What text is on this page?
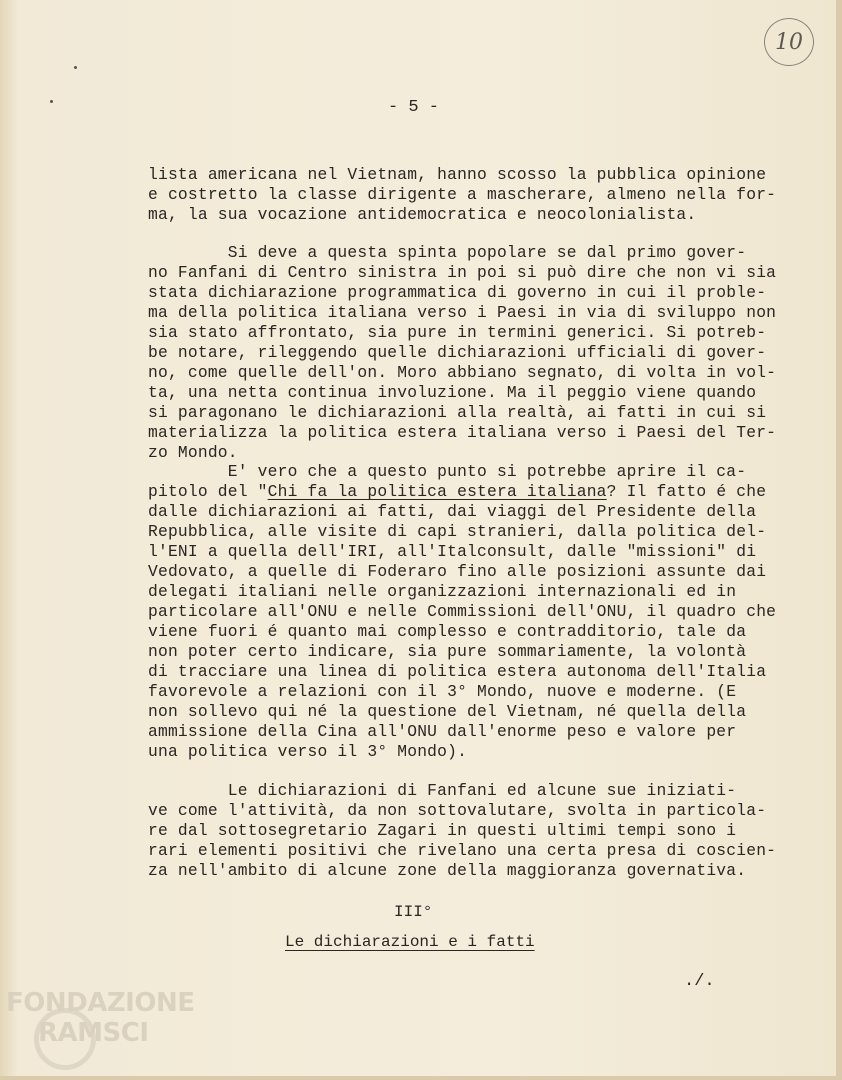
10
- 5 -
lista americana nel Vietnam, hanno scosso la pubblica opinione
e costretto la classe dirigente a mascherare, almeno nella for-
ma, la sua vocazione antidemocratica e neocolonialista.
Si deve a questa spinta popolare se dal primo gover-
no Fanfani di Centro sinistra in poi si può dire che non vi sia
stata dichiarazione programmatica di governo in cui il proble-
ma della politica italiana verso i Paesi in via di sviluppo non
sia stato affrontato, sia pure in termini generici. Si potreb-
be notare, rileggendo quelle dichiarazioni ufficiali di gover-
no, come quelle dell'on. Moro abbiano segnato, di volta in vol-
ta, una netta continua involuzione. Ma il peggio viene quando
si paragonano le dichiarazioni alla realtà, ai fatti in cui si
materializza la politica estera italiana verso i Paesi del Ter-
zo Mondo.
E' vero che a questo punto si potrebbe aprire il ca-
pitolo del "Chi fa la politica estera italiana? Il fatto é che
dalle dichiarazioni ai fatti, dai viaggi del Presidente della
Repubblica, alle visite di capi stranieri, dalla politica del-
l'ENI a quella dell'IRI, all'Italconsult, dalle "missioni" di
Vedovato, a quelle di Foderaro fino alle posizioni assunte dai
delegati italiani nelle organizzazioni internazionali ed in
particolare all'ONU e nelle Commissioni dell'ONU, il quadro che
viene fuori é quanto mai complesso e contradditorio, tale da
non poter certo indicare, sia pure sommariamente, la volontà
di tracciare una linea di politica estera autonoma dell'Italia
favorevole a relazioni con il 3° Mondo, nuove e moderne. (E
non sollevo qui né la questione del Vietnam, né quella della
ammissione della Cina all'ONU dall'enorme peso e valore per
una politica verso il 3° Mondo).
Le dichiarazioni di Fanfani ed alcune sue iniziati-
ve come l'attività, da non sottovalutare, svolta in particola-
re dal sottosegretario Zagari in questi ultimi tempi sono i
rari elementi positivi che rivelano una certa presa di coscien-
za nell'ambito di alcune zone della maggioranza governativa.
III°
Le dichiarazioni e i fatti
./.
FONDAZIONE
RAMSCI
